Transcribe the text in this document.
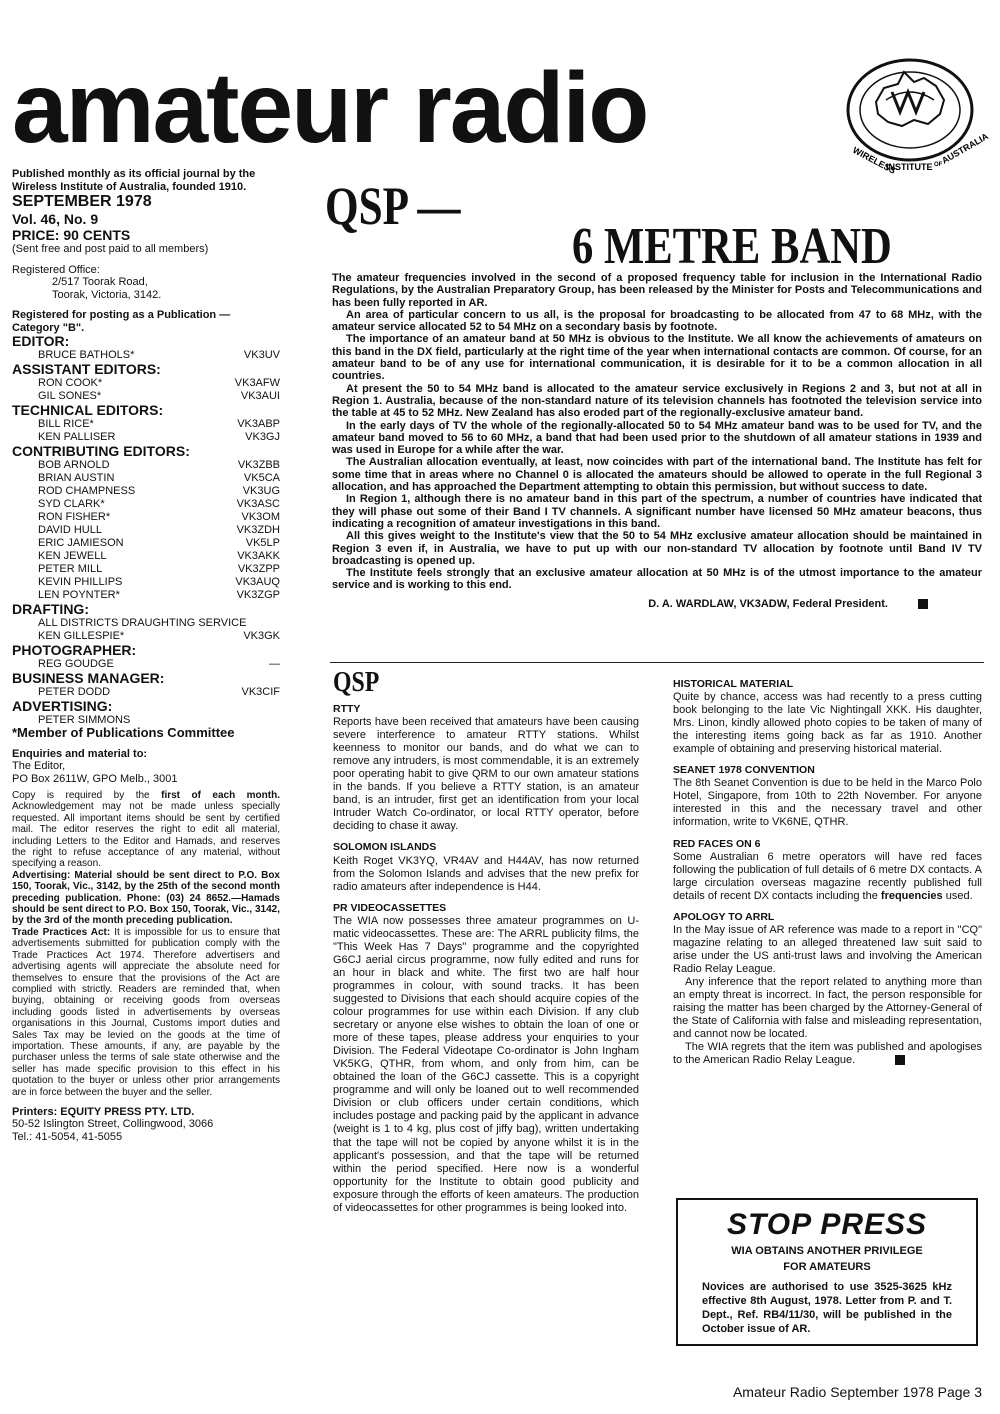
amateur radio	WIRELESS
INSTITUTE OF
AUSTRALIA

Published monthly as its official journal by the Wireless Institute of Australia, founded 1910.

SEPTEMBER 1978

Vol. 46, No. 9

PRICE: 90 CENTS

(Sent free and post paid to all members)

Registered Office:

2/517 Toorak Road,

Toorak, Victoria, 3142.

Registered for posting as a Publication — Category "B".

EDITOR:

BRUCE BATHOLS*	VK3UV

ASSISTANT EDITORS:

RON COOK*	VK3AFW
GIL SONES*	VK3AUI

TECHNICAL EDITORS:

BILL RICE*	VK3ABP
KEN PALLISER	VK3GJ

CONTRIBUTING EDITORS:

BOB ARNOLD	VK3ZBB
BRIAN AUSTIN	VK5CA
ROD CHAMPNESS	VK3UG
SYD CLARK*	VK3ASC
RON FISHER*	VK3OM
DAVID HULL	VK3ZDH
ERIC JAMIESON	VK5LP
KEN JEWELL	VK3AKK
PETER MILL	VK3ZPP
KEVIN PHILLIPS	VK3AUQ
LEN POYNTER*	VK3ZGP

DRAFTING:

ALL DISTRICTS DRAUGHTING SERVICE
KEN GILLESPIE*	VK3GK

PHOTOGRAPHER:

REG GOUDGE	—

BUSINESS MANAGER:

PETER DODD	VK3CIF

ADVERTISING:

PETER SIMMONS

*Member of Publications Committee

Enquiries and material to:

The Editor,

PO Box 2611W, GPO Melb., 3001

Copy is required by the first of each month. Acknowledgement may not be made unless specially requested. All important items should be sent by certified mail. The editor reserves the right to edit all material, including Letters to the Editor and Hamads, and reserves the right to refuse acceptance of any material, without specifying a reason.

Advertising: Material should be sent direct to P.O. Box 150, Toorak, Vic., 3142, by the 25th of the second month preceding publication. Phone: (03) 24 8652.—Hamads should be sent direct to P.O. Box 150, Toorak, Vic., 3142, by the 3rd of the month preceding publication.

Trade Practices Act: It is impossible for us to ensure that advertisements submitted for publication comply with the Trade Practices Act 1974. Therefore advertisers and advertising agents will appreciate the absolute need for themselves to ensure that the provisions of the Act are complied with strictly. Readers are reminded that, when buying, obtaining or receiving goods from overseas including goods listed in advertisements by overseas organisations in this Journal, Customs import duties and Sales Tax may be levied on the goods at the time of importation. These amounts, if any, are payable by the purchaser unless the terms of sale state otherwise and the seller has made specific provision to this effect in his quotation to the buyer or unless other prior arrangements are in force between the buyer and the seller.

Printers: EQUITY PRESS PTY. LTD.

50-52 Islington Street, Collingwood, 3066

Tel.: 41-5054, 41-5055

QSP —
6 METRE BAND

The amateur frequencies involved in the second of a proposed frequency table for inclusion in the International Radio Regulations, by the Australian Preparatory Group, has been released by the Minister for Posts and Telecommunications and has been fully reported in AR.

An area of particular concern to us all, is the proposal for broadcasting to be allocated from 47 to 68 MHz, with the amateur service allocated 52 to 54 MHz on a secondary basis by footnote.

The importance of an amateur band at 50 MHz is obvious to the Institute. We all know the achievements of amateurs on this band in the DX field, particularly at the right time of the year when international contacts are common. Of course, for an amateur band to be of any use for international communication, it is desirable for it to be a common allocation in all countries.

At present the 50 to 54 MHz band is allocated to the amateur service exclusively in Regions 2 and 3, but not at all in Region 1. Australia, because of the non-standard nature of its television channels has footnoted the television service into the table at 45 to 52 MHz. New Zealand has also eroded part of the regionally-exclusive amateur band.

In the early days of TV the whole of the regionally-allocated 50 to 54 MHz amateur band was to be used for TV, and the amateur band moved to 56 to 60 MHz, a band that had been used prior to the shutdown of all amateur stations in 1939 and was used in Europe for a while after the war.

The Australian allocation eventually, at least, now coincides with part of the international band. The Institute has felt for some time that in areas where no Channel 0 is allocated the amateurs should be allowed to operate in the full Regional 3 allocation, and has approached the Department attempting to obtain this permission, but without success to date.

In Region 1, although there is no amateur band in this part of the spectrum, a number of countries have indicated that they will phase out some of their Band I TV channels. A significant number have licensed 50 MHz amateur beacons, thus indicating a recognition of amateur investigations in this band.

All this gives weight to the Institute's view that the 50 to 54 MHz exclusive amateur allocation should be maintained in Region 3 even if, in Australia, we have to put up with our non-standard TV allocation by footnote until Band IV TV broadcasting is opened up.

The Institute feels strongly that an exclusive amateur allocation at 50 MHz is of the utmost importance to the amateur service and is working to this end.

D. A. WARDLAW, VK3ADW, Federal President.

QSP

RTTY

Reports have been received that amateurs have been causing severe interference to amateur RTTY stations. Whilst keenness to monitor our bands, and do what we can to remove any intruders, is most commendable, it is an extremely poor operating habit to give QRM to our own amateur stations in the bands. If you believe a RTTY station, is an amateur band, is an intruder, first get an identification from your local Intruder Watch Co-ordinator, or local RTTY operator, before deciding to chase it away.

SOLOMON ISLANDS

Keith Roget VK3YQ, VR4AV and H44AV, has now returned from the Solomon Islands and advises that the new prefix for radio amateurs after independence is H44.

PR VIDEOCASSETTES

The WIA now possesses three amateur programmes on U-matic videocassettes. These are: The ARRL publicity films, the "This Week Has 7 Days" programme and the copyrighted G6CJ aerial circus programme, now fully edited and runs for an hour in black and white. The first two are half hour programmes in colour, with sound tracks. It has been suggested to Divisions that each should acquire copies of the colour programmes for use within each Division. If any club secretary or anyone else wishes to obtain the loan of one or more of these tapes, please address your enquiries to your Division. The Federal Videotape Co-ordinator is John Ingham VK5KG, QTHR, from whom, and only from him, can be obtained the loan of the G6CJ cassette. This is a copyright programme and will only be loaned out to well recommended Division or club officers under certain conditions, which includes postage and packing paid by the applicant in advance (weight is 1 to 4 kg, plus cost of jiffy bag), written undertaking that the tape will not be copied by anyone whilst it is in the applicant's possession, and that the tape will be returned within the period specified. Here now is a wonderful opportunity for the Institute to obtain good publicity and exposure through the efforts of keen amateurs. The production of videocassettes for other programmes is being looked into.

HISTORICAL MATERIAL

Quite by chance, access was had recently to a press cutting book belonging to the late Vic Nightingall XKK. His daughter, Mrs. Linon, kindly allowed photo copies to be taken of many of the interesting items going back as far as 1910. Another example of obtaining and preserving historical material.

SEANET 1978 CONVENTION

The 8th Seanet Convention is due to be held in the Marco Polo Hotel, Singapore, from 10th to 22th November. For anyone interested in this and the necessary travel and other information, write to VK6NE, QTHR.

RED FACES ON 6

Some Australian 6 metre operators will have red faces following the publication of full details of 6 metre DX contacts. A large circulation overseas magazine recently published full details of recent DX contacts including the frequencies used.

APOLOGY TO ARRL

In the May issue of AR reference was made to a report in "CQ" magazine relating to an alleged threatened law suit said to arise under the US anti-trust laws and involving the American Radio Relay League.

Any inference that the report related to anything more than an empty threat is incorrect. In fact, the person responsible for raising the matter has been charged by the Attorney-General of the State of California with false and misleading representation, and cannot now be located.

The WIA regrets that the item was published and apologises to the American Radio Relay League.

STOP PRESS
WIA OBTAINS ANOTHER PRIVILEGE
FOR AMATEURS
Novices are authorised to use 3525-3625 kHz effective 8th August, 1978. Letter from P. and T. Dept., Ref. RB4/11/30, will be published in the October issue of AR.
Amateur Radio September 1978 Page 3
